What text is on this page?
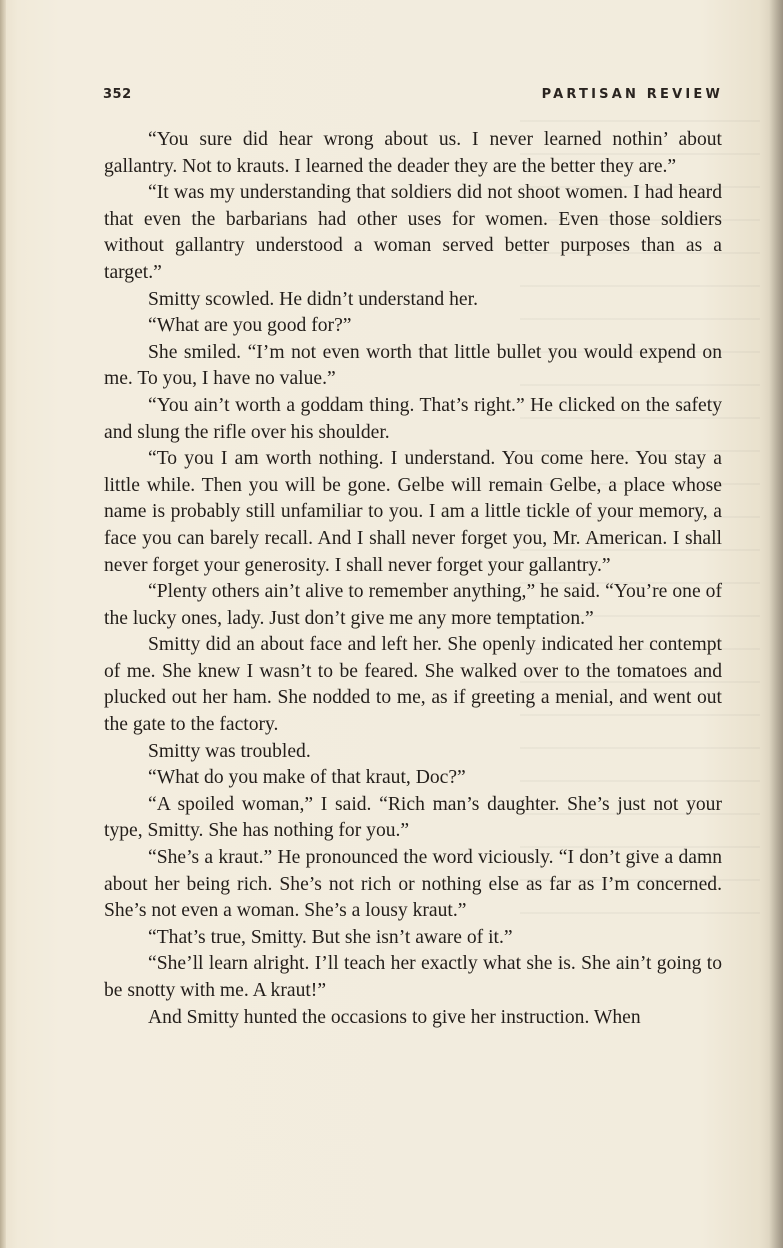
352	PARTISAN REVIEW

“You sure did hear wrong about us. I never learned nothin’ about gallantry. Not to krauts. I learned the deader they are the better they are.”

“It was my understanding that soldiers did not shoot women. I had heard that even the barbarians had other uses for women. Even those soldiers without gallantry understood a woman served better purposes than as a target.”

Smitty scowled. He didn’t understand her.

“What are you good for?”

She smiled. “I’m not even worth that little bullet you would expend on me. To you, I have no value.”

“You ain’t worth a goddam thing. That’s right.” He clicked on the safety and slung the rifle over his shoulder.

“To you I am worth nothing. I understand. You come here. You stay a little while. Then you will be gone. Gelbe will remain Gelbe, a place whose name is probably still unfamiliar to you. I am a little tickle of your memory, a face you can barely recall. And I shall never forget you, Mr. American. I shall never forget your generosity. I shall never forget your gallantry.”

“Plenty others ain’t alive to remember anything,” he said. “You’re one of the lucky ones, lady. Just don’t give me any more temptation.”

Smitty did an about face and left her. She openly indicated her contempt of me. She knew I wasn’t to be feared. She walked over to the tomatoes and plucked out her ham. She nodded to me, as if greeting a menial, and went out the gate to the factory.

Smitty was troubled.

“What do you make of that kraut, Doc?”

“A spoiled woman,” I said. “Rich man’s daughter. She’s just not your type, Smitty. She has nothing for you.”

“She’s a kraut.” He pronounced the word viciously. “I don’t give a damn about her being rich. She’s not rich or nothing else as far as I’m concerned. She’s not even a woman. She’s a lousy kraut.”

“That’s true, Smitty. But she isn’t aware of it.”

“She’ll learn alright. I’ll teach her exactly what she is. She ain’t going to be snotty with me. A kraut!”

And Smitty hunted the occasions to give her instruction. When
